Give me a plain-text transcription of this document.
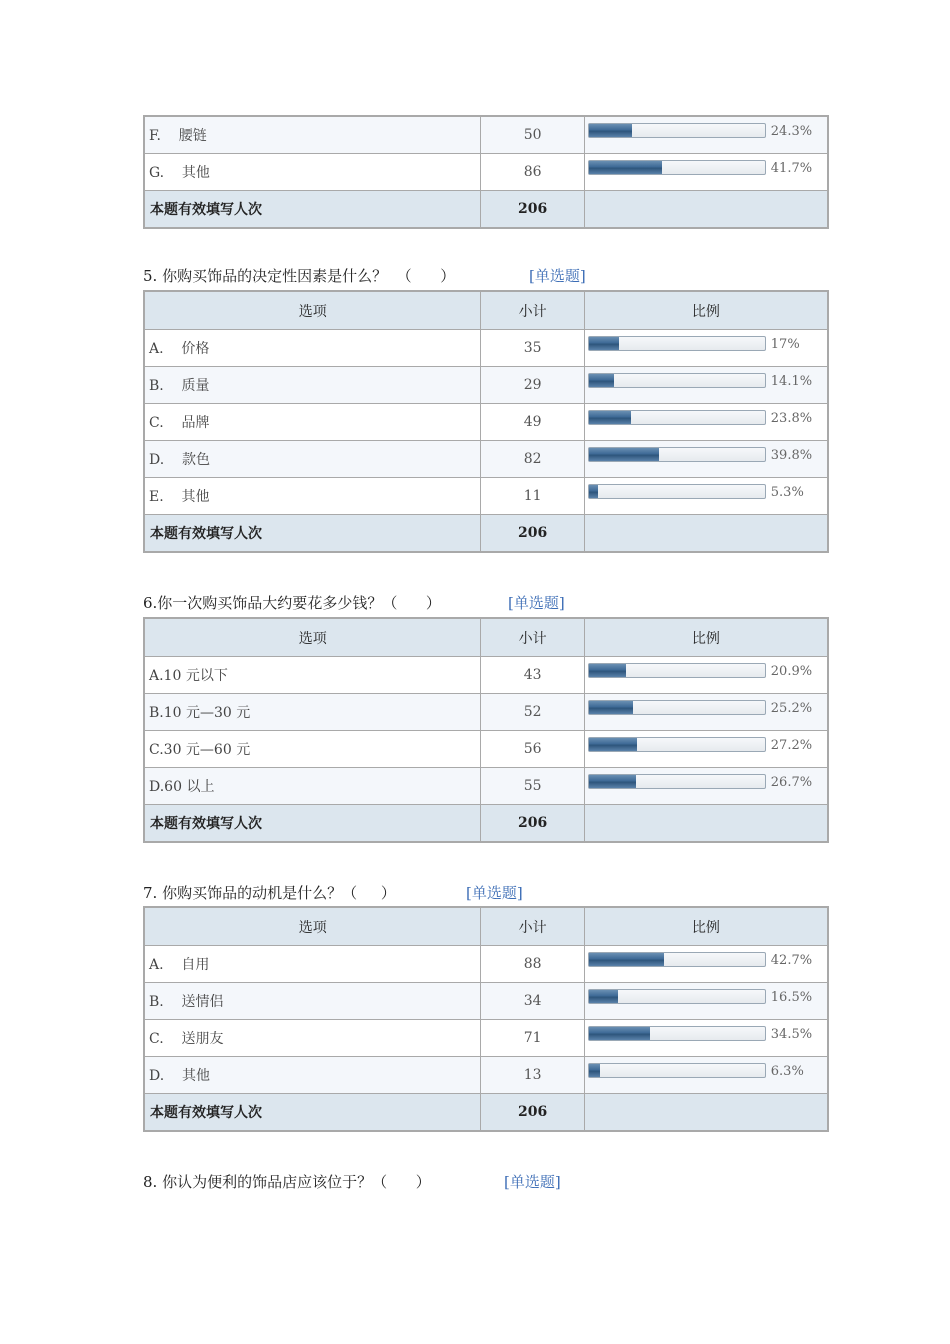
F.    腰链	50	24.3%

G.    其他	86	41.7%

本题有效填写人次	206	
5. 你购买饰品的决定性因素是什么？  （      ）	[单选题]
选项	小计	比例
A.    价格	35	17%

B.    质量	29	14.1%

C.    品牌	49	23.8%

D.    款色	82	39.8%

E.    其他	11	5.3%

本题有效填写人次	206	
6.你一次购买饰品大约要花多少钱？（      ）	[单选题]
选项	小计	比例
A.10 元以下	43	20.9%

B.10 元—30 元	52	25.2%

C.30 元—60 元	56	27.2%

D.60 以上	55	26.7%

本题有效填写人次	206	
7. 你购买饰品的动机是什么？（     ）	[单选题]
选项	小计	比例
A.    自用	88	42.7%

B.    送情侣	34	16.5%

C.    送朋友	71	34.5%

D.    其他	13	6.3%

本题有效填写人次	206	
8. 你认为便利的饰品店应该位于？（      ）	[单选题]
